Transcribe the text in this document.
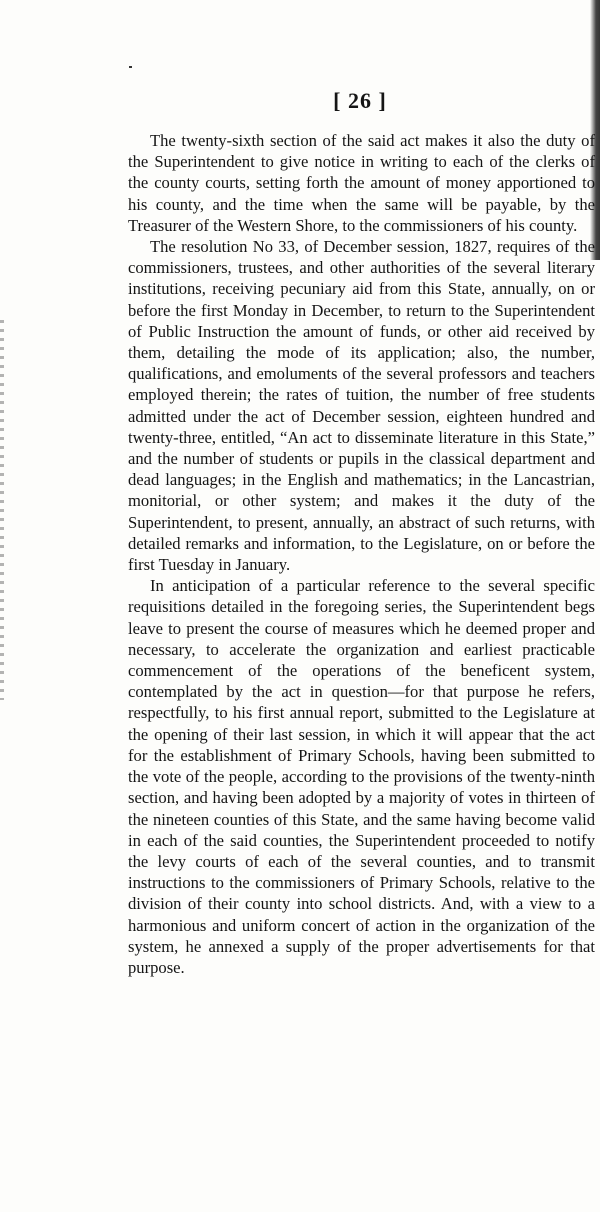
[ 26 ]

The twenty-sixth section of the said act makes it also the duty of the Superintendent to give notice in writing to each of the clerks of the county courts, setting forth the amount of money apportioned to his county, and the time when the same will be payable, by the Treasurer of the Western Shore, to the commissioners of his county.

The resolution No 33, of December session, 1827, requires of the commissioners, trustees, and other authorities of the several literary institutions, receiving pecuniary aid from this State, annually, on or before the first Monday in December, to return to the Superintendent of Public Instruction the amount of funds, or other aid received by them, detailing the mode of its application; also, the number, qualifications, and emoluments of the several professors and teachers employed therein; the rates of tuition, the number of free students admitted under the act of December session, eighteen hundred and twenty-three, entitled, “An act to disseminate literature in this State,” and the number of students or pupils in the classical department and dead languages; in the English and mathematics; in the Lancastrian, monitorial, or other system; and makes it the duty of the Superintendent, to present, annually, an abstract of such returns, with detailed remarks and information, to the Legislature, on or before the first Tuesday in January.

In anticipation of a particular reference to the several specific requisitions detailed in the foregoing series, the Superintendent begs leave to present the course of measures which he deemed proper and necessary, to accelerate the organization and earliest practicable commencement of the operations of the beneficent system, contemplated by the act in question—for that purpose he refers, respectfully, to his first annual report, submitted to the Legislature at the opening of their last session, in which it will appear that the act for the establishment of Primary Schools, having been submitted to the vote of the people, according to the provisions of the twenty-ninth section, and having been adopted by a majority of votes in thirteen of the nineteen counties of this State, and the same having become valid in each of the said counties, the Superintendent proceeded to notify the levy courts of each of the several counties, and to transmit instructions to the commissioners of Primary Schools, relative to the division of their county into school districts. And, with a view to a harmonious and uniform concert of action in the organization of the system, he annexed a supply of the proper advertisements for that purpose.
